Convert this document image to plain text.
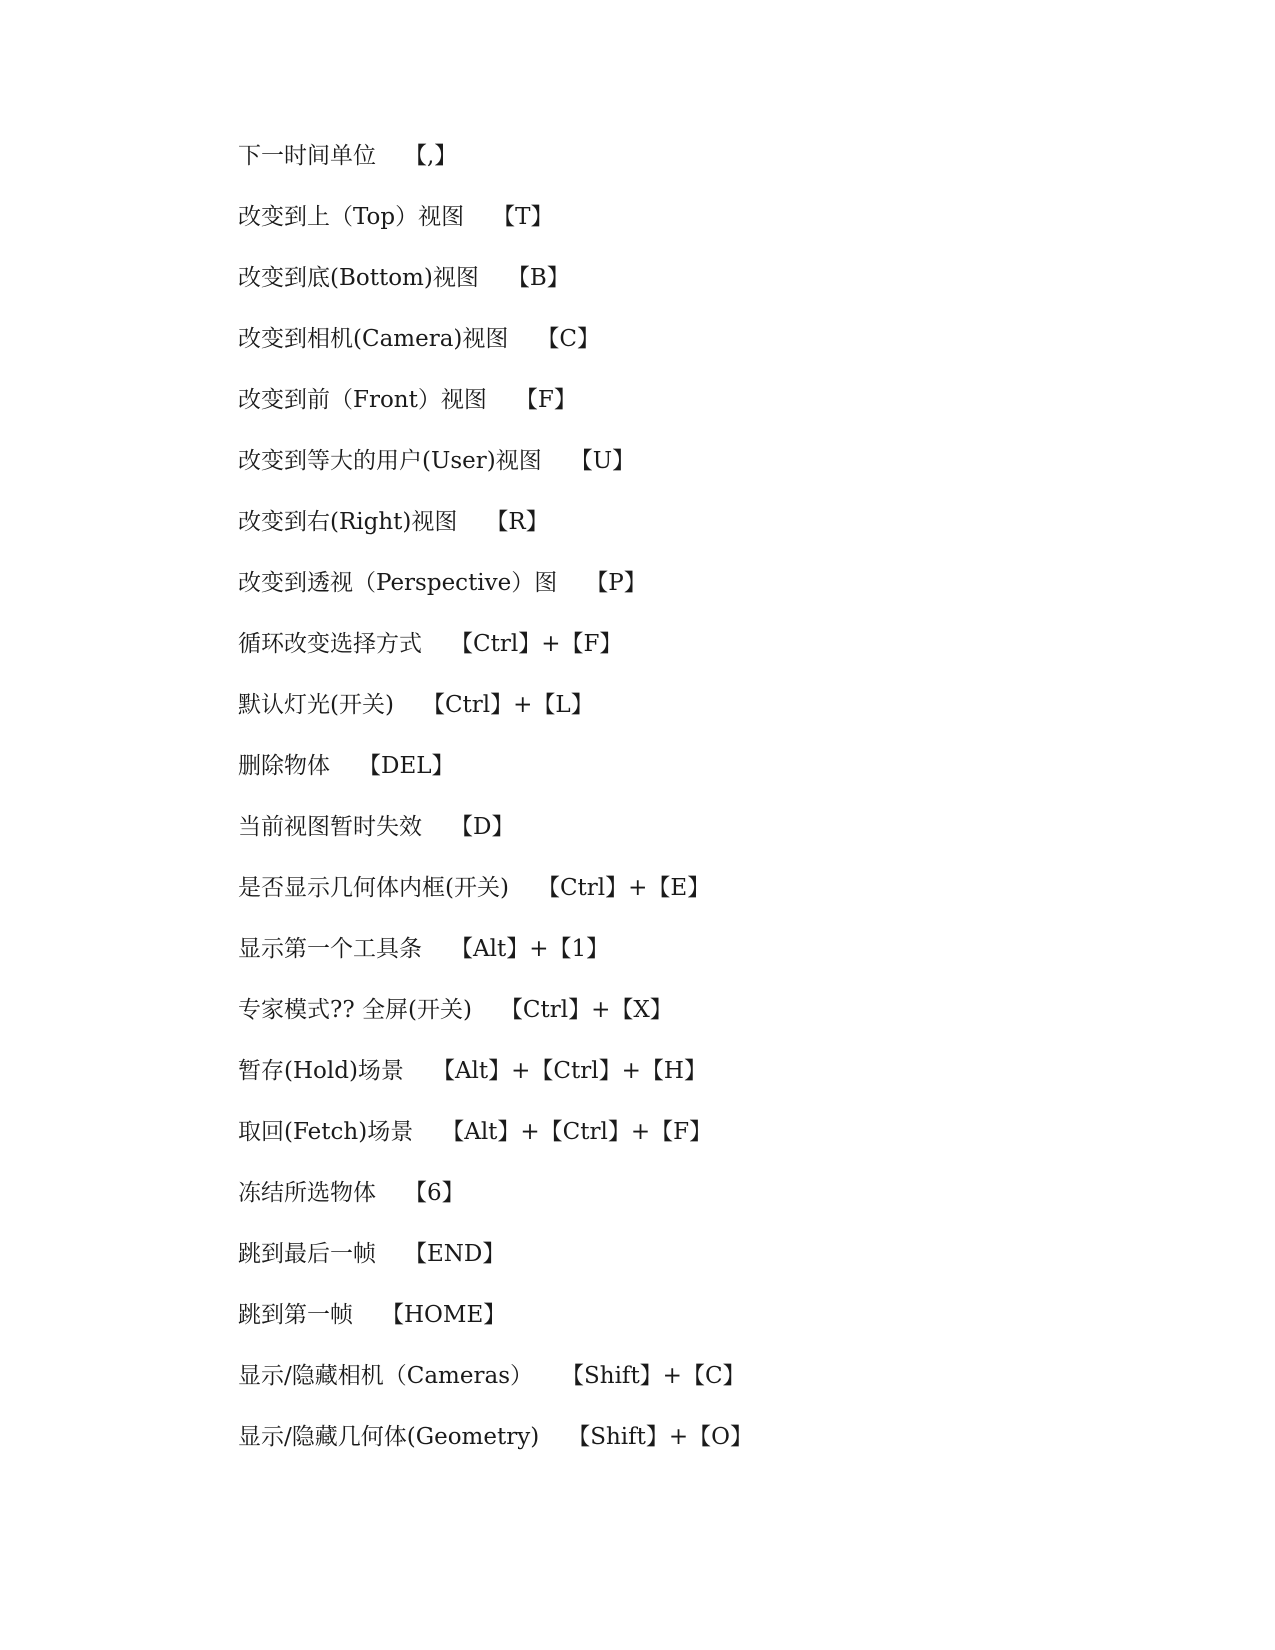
下一时间单位 【,】
改变到上（Top）视图 【T】
改变到底(Bottom)视图 【B】
改变到相机(Camera)视图 【C】
改变到前（Front）视图 【F】
改变到等大的用户(User)视图 【U】
改变到右(Right)视图 【R】
改变到透视（Perspective）图 【P】
循环改变选择方式 【Ctrl】+【F】
默认灯光(开关) 【Ctrl】+【L】
删除物体 【DEL】
当前视图暂时失效 【D】
是否显示几何体内框(开关) 【Ctrl】+【E】
显示第一个工具条 【Alt】+【1】
专家模式?? 全屏(开关) 【Ctrl】+【X】
暂存(Hold)场景 【Alt】+【Ctrl】+【H】
取回(Fetch)场景 【Alt】+【Ctrl】+【F】
冻结所选物体 【6】
跳到最后一帧 【END】
跳到第一帧 【HOME】
显示/隐藏相机（Cameras） 【Shift】+【C】
显示/隐藏几何体(Geometry) 【Shift】+【O】
